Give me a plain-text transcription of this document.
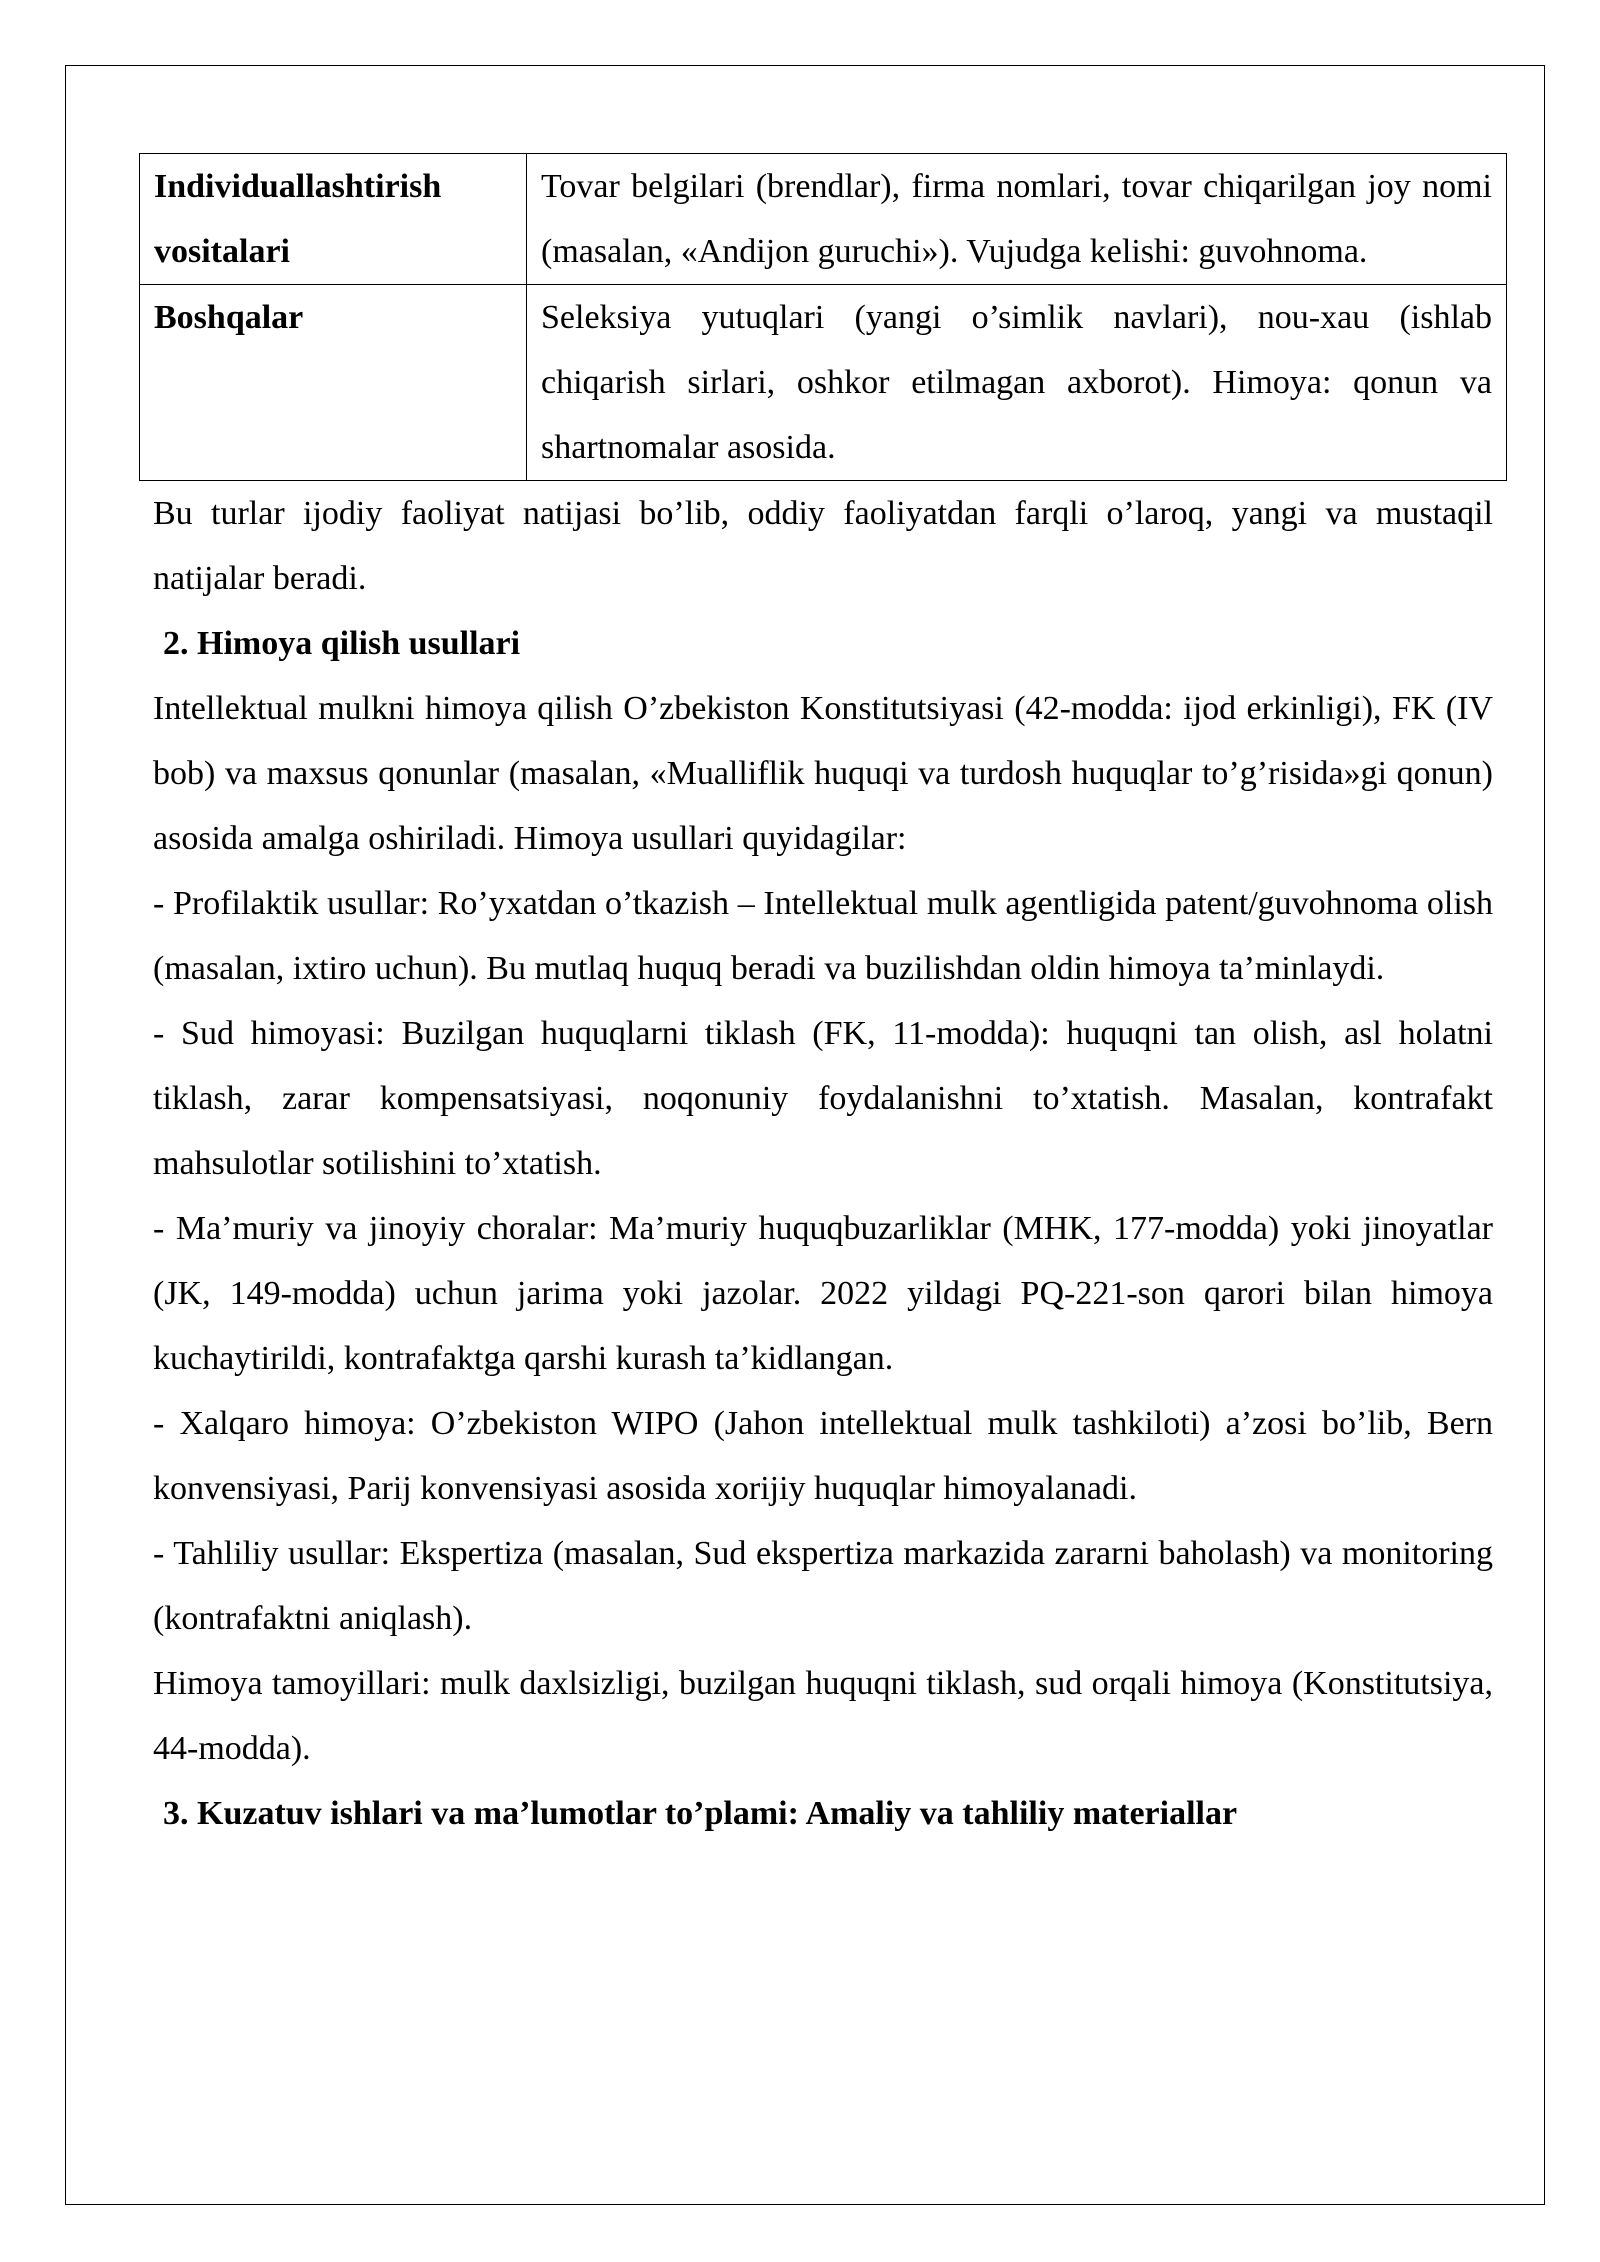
Individuallashtirish vositalari	Tovar belgilari (brendlar), firma nomlari, tovar chiqarilgan joy nomi (masalan, «Andijon guruchi»). Vujudga kelishi: guvohnoma.
Boshqalar	Seleksiya yutuqlari (yangi o’simlik navlari), nou-xau (ishlab chiqarish sirlari, oshkor etilmagan axborot). Himoya: qonun va shartnomalar asosida.

Bu turlar ijodiy faoliyat natijasi bo’lib, oddiy faoliyatdan farqli o’laroq, yangi va mustaqil natijalar beradi.

2. Himoya qilish usullari

Intellektual mulkni himoya qilish O’zbekiston Konstitutsiyasi (42-modda: ijod erkinligi), FK (IV bob) va maxsus qonunlar (masalan, «Mualliflik huquqi va turdosh huquqlar to’g’risida»gi qonun) asosida amalga oshiriladi. Himoya usullari quyidagilar:

- Profilaktik usullar: Ro’yxatdan o’tkazish – Intellektual mulk agentligida patent/guvohnoma olish (masalan, ixtiro uchun). Bu mutlaq huquq beradi va buzilishdan oldin himoya ta’minlaydi.

- Sud himoyasi: Buzilgan huquqlarni tiklash (FK, 11-modda): huquqni tan olish, asl holatni tiklash, zarar kompensatsiyasi, noqonuniy foydalanishni to’xtatish. Masalan, kontrafakt mahsulotlar sotilishini to’xtatish.

- Ma’muriy va jinoyiy choralar: Ma’muriy huquqbuzarliklar (MHK, 177-modda) yoki jinoyatlar (JK, 149-modda) uchun jarima yoki jazolar. 2022 yildagi PQ-221-son qarori bilan himoya kuchaytirildi, kontrafaktga qarshi kurash ta’kidlangan.

- Xalqaro himoya: O’zbekiston WIPO (Jahon intellektual mulk tashkiloti) a’zosi bo’lib, Bern konvensiyasi, Parij konvensiyasi asosida xorijiy huquqlar himoyalanadi.

- Tahliliy usullar: Ekspertiza (masalan, Sud ekspertiza markazida zararni baholash) va monitoring (kontrafaktni aniqlash).

Himoya tamoyillari: mulk daxlsizligi, buzilgan huquqni tiklash, sud orqali himoya (Konstitutsiya, 44-modda).

3. Kuzatuv ishlari va ma’lumotlar to’plami: Amaliy va tahliliy materiallar
